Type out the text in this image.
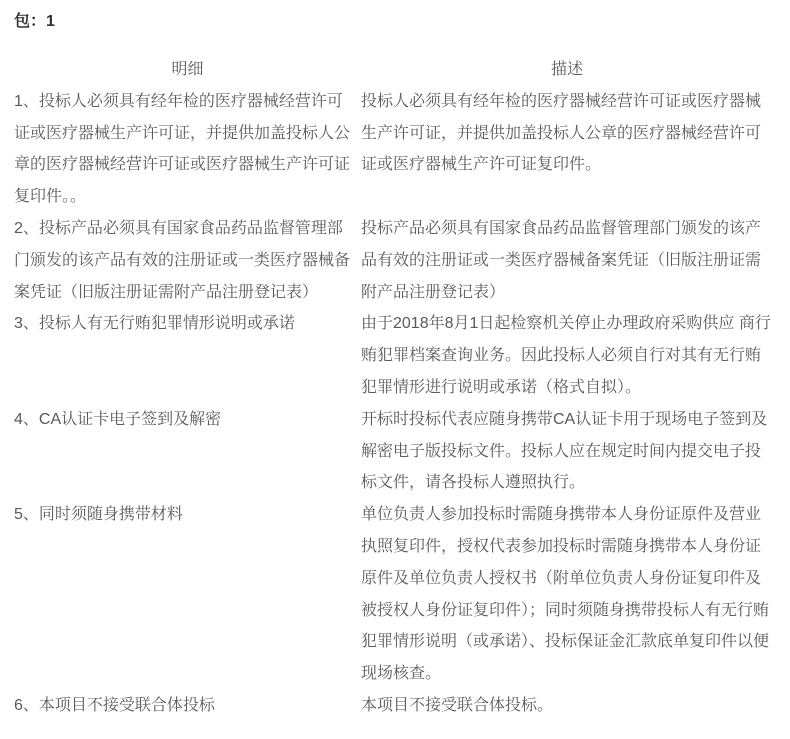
包：1
明细	描述
1、投标人必须具有经年检的医疗器械经营许可证或医疗器械生产许可证，并提供加盖投标人公章的医疗器械经营许可证或医疗器械生产许可证复印件。。	投标人必须具有经年检的医疗器械经营许可证或医疗器械生产许可证，并提供加盖投标人公章的医疗器械经营许可证或医疗器械生产许可证复印件。
2、投标产品必须具有国家食品药品监督管理部门颁发的该产品有效的注册证或一类医疗器械备案凭证（旧版注册证需附产品注册登记表）	投标产品必须具有国家食品药品监督管理部门颁发的该产品有效的注册证或一类医疗器械备案凭证（旧版注册证需附产品注册登记表）
3、投标人有无行贿犯罪情形说明或承诺	由于2018年8月1日起检察机关停止办理政府采购供应 商行贿犯罪档案查询业务。因此投标人必须自行对其有无行贿犯罪情形进行说明或承诺（格式自拟）。
4、CA认证卡电子签到及解密	开标时投标代表应随身携带CA认证卡用于现场电子签到及解密电子版投标文件。投标人应在规定时间内提交电子投标文件，请各投标人遵照执行。
5、同时须随身携带材料	单位负责人参加投标时需随身携带本人身份证原件及营业执照复印件，授权代表参加投标时需随身携带本人身份证原件及单位负责人授权书（附单位负责人身份证复印件及被授权人身份证复印件）；同时须随身携带投标人有无行贿犯罪情形说明（或承诺）、投标保证金汇款底单复印件以便现场核查。
6、本项目不接受联合体投标	本项目不接受联合体投标。
